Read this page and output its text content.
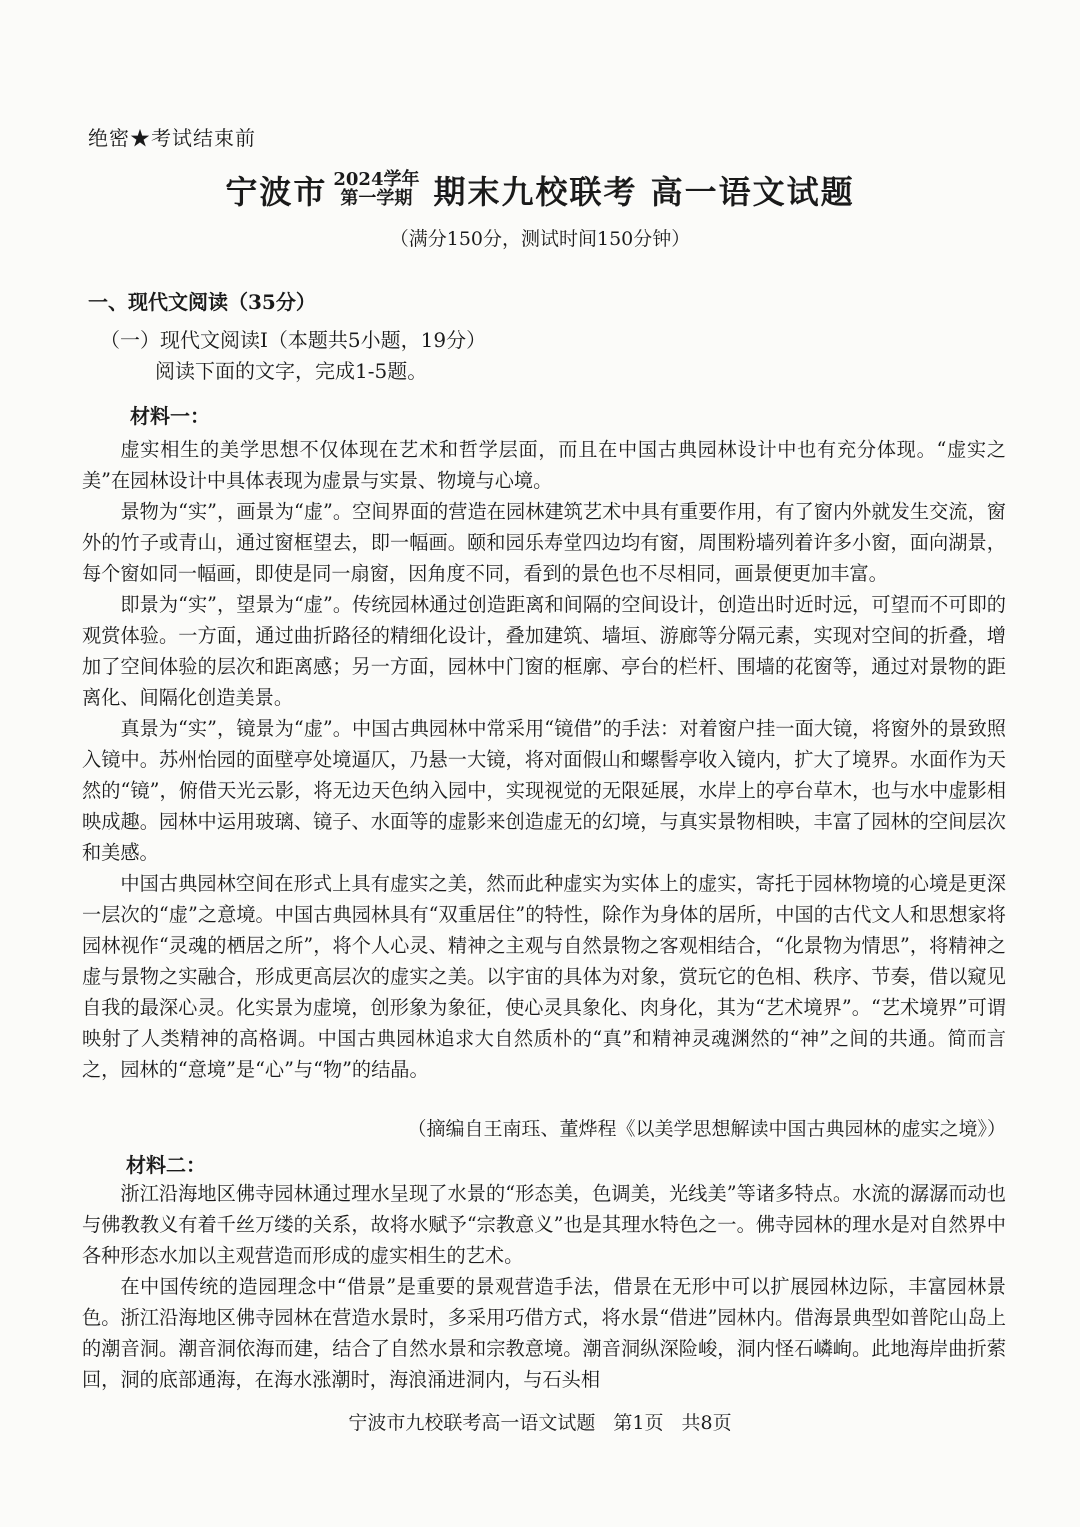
绝密★考试结束前
宁波市 2024学年
第一学期 期末九校联考 高一语文试题
（满分150分，测试时间150分钟）
一、现代文阅读（35分）
（一）现代文阅读Ⅰ（本题共5小题，19分）
阅读下面的文字，完成1-5题。
材料一：

虚实相生的美学思想不仅体现在艺术和哲学层面，而且在中国古典园林设计中也有充分体现。“虚实之美”在园林设计中具体表现为虚景与实景、物境与心境。

景物为“实”，画景为“虚”。空间界面的营造在园林建筑艺术中具有重要作用，有了窗内外就发生交流，窗外的竹子或青山，通过窗框望去，即一幅画。颐和园乐寿堂四边均有窗，周围粉墙列着许多小窗，面向湖景，每个窗如同一幅画，即使是同一扇窗，因角度不同，看到的景色也不尽相同，画景便更加丰富。

即景为“实”，望景为“虚”。传统园林通过创造距离和间隔的空间设计，创造出时近时远，可望而不可即的观赏体验。一方面，通过曲折路径的精细化设计，叠加建筑、墙垣、游廊等分隔元素，实现对空间的折叠，增加了空间体验的层次和距离感；另一方面，园林中门窗的框廓、亭台的栏杆、围墙的花窗等，通过对景物的距离化、间隔化创造美景。

真景为“实”，镜景为“虚”。中国古典园林中常采用“镜借”的手法：对着窗户挂一面大镜，将窗外的景致照入镜中。苏州怡园的面壁亭处境逼仄，乃悬一大镜，将对面假山和螺髻亭收入镜内，扩大了境界。水面作为天然的“镜”，俯借天光云影，将无边天色纳入园中，实现视觉的无限延展，水岸上的亭台草木，也与水中虚影相映成趣。园林中运用玻璃、镜子、水面等的虚影来创造虚无的幻境，与真实景物相映，丰富了园林的空间层次和美感。

中国古典园林空间在形式上具有虚实之美，然而此种虚实为实体上的虚实，寄托于园林物境的心境是更深一层次的“虚”之意境。中国古典园林具有“双重居住”的特性，除作为身体的居所，中国的古代文人和思想家将园林视作“灵魂的栖居之所”，将个人心灵、精神之主观与自然景物之客观相结合，“化景物为情思”，将精神之虚与景物之实融合，形成更高层次的虚实之美。以宇宙的具体为对象，赏玩它的色相、秩序、节奏，借以窥见自我的最深心灵。化实景为虚境，创形象为象征，使心灵具象化、肉身化，其为“艺术境界”。“艺术境界”可谓映射了人类精神的高格调。中国古典园林追求大自然质朴的“真”和精神灵魂渊然的“神”之间的共通。简而言之，园林的“意境”是“心”与“物”的结晶。

（摘编自王南珏、董烨程《以美学思想解读中国古典园林的虚实之境》）
材料二：

浙江沿海地区佛寺园林通过理水呈现了水景的“形态美，色调美，光线美”等诸多特点。水流的潺潺而动也与佛教教义有着千丝万缕的关系，故将水赋予“宗教意义”也是其理水特色之一。佛寺园林的理水是对自然界中各种形态水加以主观营造而形成的虚实相生的艺术。

在中国传统的造园理念中“借景”是重要的景观营造手法，借景在无形中可以扩展园林边际，丰富园林景色。浙江沿海地区佛寺园林在营造水景时，多采用巧借方式，将水景“借进”园林内。借海景典型如普陀山岛上的潮音洞。潮音洞依海而建，结合了自然水景和宗教意境。潮音洞纵深险峻，洞内怪石嶙峋。此地海岸曲折萦回，洞的底部通海，在海水涨潮时，海浪涌进洞内，与石头相

宁波市九校联考高一语文试题 第1页 共8页
